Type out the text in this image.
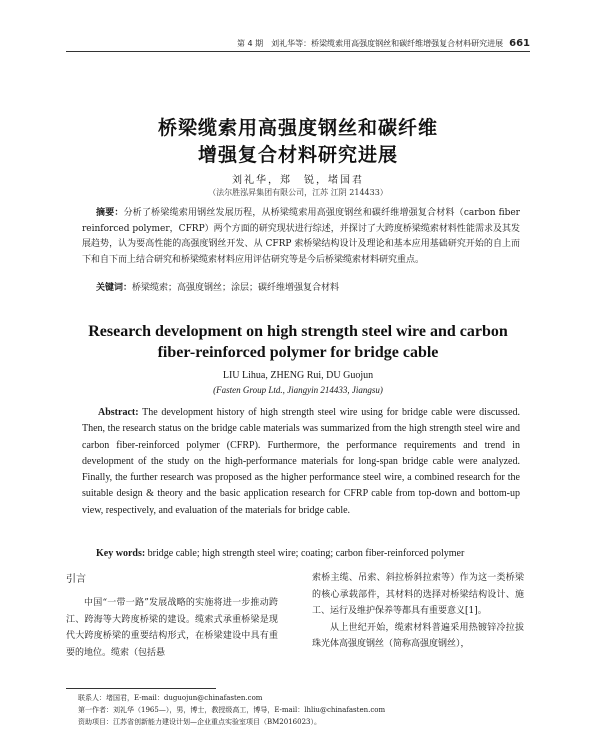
第 4 期　刘礼华等：桥梁缆索用高强度钢丝和碳纤维增强复合材料研究进展 661
桥梁缆索用高强度钢丝和碳纤维
增强复合材料研究进展
刘礼华，郑　锐，堵国君
（法尔胜泓昇集团有限公司，江苏 江阴 214433）
摘要：分析了桥梁缆索用钢丝发展历程，从桥梁缆索用高强度钢丝和碳纤维增强复合材料（carbon fiber reinforced polymer，CFRP）两个方面的研究现状进行综述，并探讨了大跨度桥梁缆索材料性能需求及其发展趋势，认为要高性能的高强度钢丝开发、从 CFRP 索桥梁结构设计及理论和基本应用基础研究开始的自上而下和自下而上结合研究和桥梁缆索材料应用评估研究等是今后桥梁缆索材料研究重点。
关键词：桥梁缆索；高强度钢丝；涂层；碳纤维增强复合材料
Research development on high strength steel wire and carbon
fiber-reinforced polymer for bridge cable
LIU Lihua, ZHENG Rui, DU Guojun
(Fasten Group Ltd., Jiangyin 214433, Jiangsu)
Abstract: The development history of high strength steel wire using for bridge cable were discussed. Then, the research status on the bridge cable materials was summarized from the high strength steel wire and carbon fiber-reinforced polymer (CFRP). Furthermore, the performance requirements and trend in development of the study on the high-performance materials for long-span bridge cable were analyzed. Finally, the further research was proposed as the higher performance steel wire, a combined research for the suitable design & theory and the basic application research for CFRP cable from top-down and bottom-up view, respectively, and evaluation of the materials for bridge cable.
Key words: bridge cable; high strength steel wire; coating; carbon fiber-reinforced polymer
引言

中国“一带一路”发展战略的实施将进一步推动跨江、跨海等大跨度桥梁的建设。缆索式承重桥梁是现代大跨度桥梁的重要结构形式，在桥梁建设中具有重要的地位。缆索（包括悬

索桥主缆、吊索、斜拉桥斜拉索等）作为这一类桥梁的核心承载部件，其材料的选择对桥梁结构设计、施工、运行及维护保养等都具有重要意义[1]。

从上世纪开始，缆索材料普遍采用热镀锌冷拉拔珠光体高强度钢丝（简称高强度钢丝），

联系人：堵国君，E-mail：duguojun@chinafasten.com
第一作者：刘礼华（1965—），男，博士，教授级高工，博导，E-mail：lhliu@chinafasten.com
资助项目：江苏省创新能力建设计划—企业重点实验室项目（BM2016023）。
